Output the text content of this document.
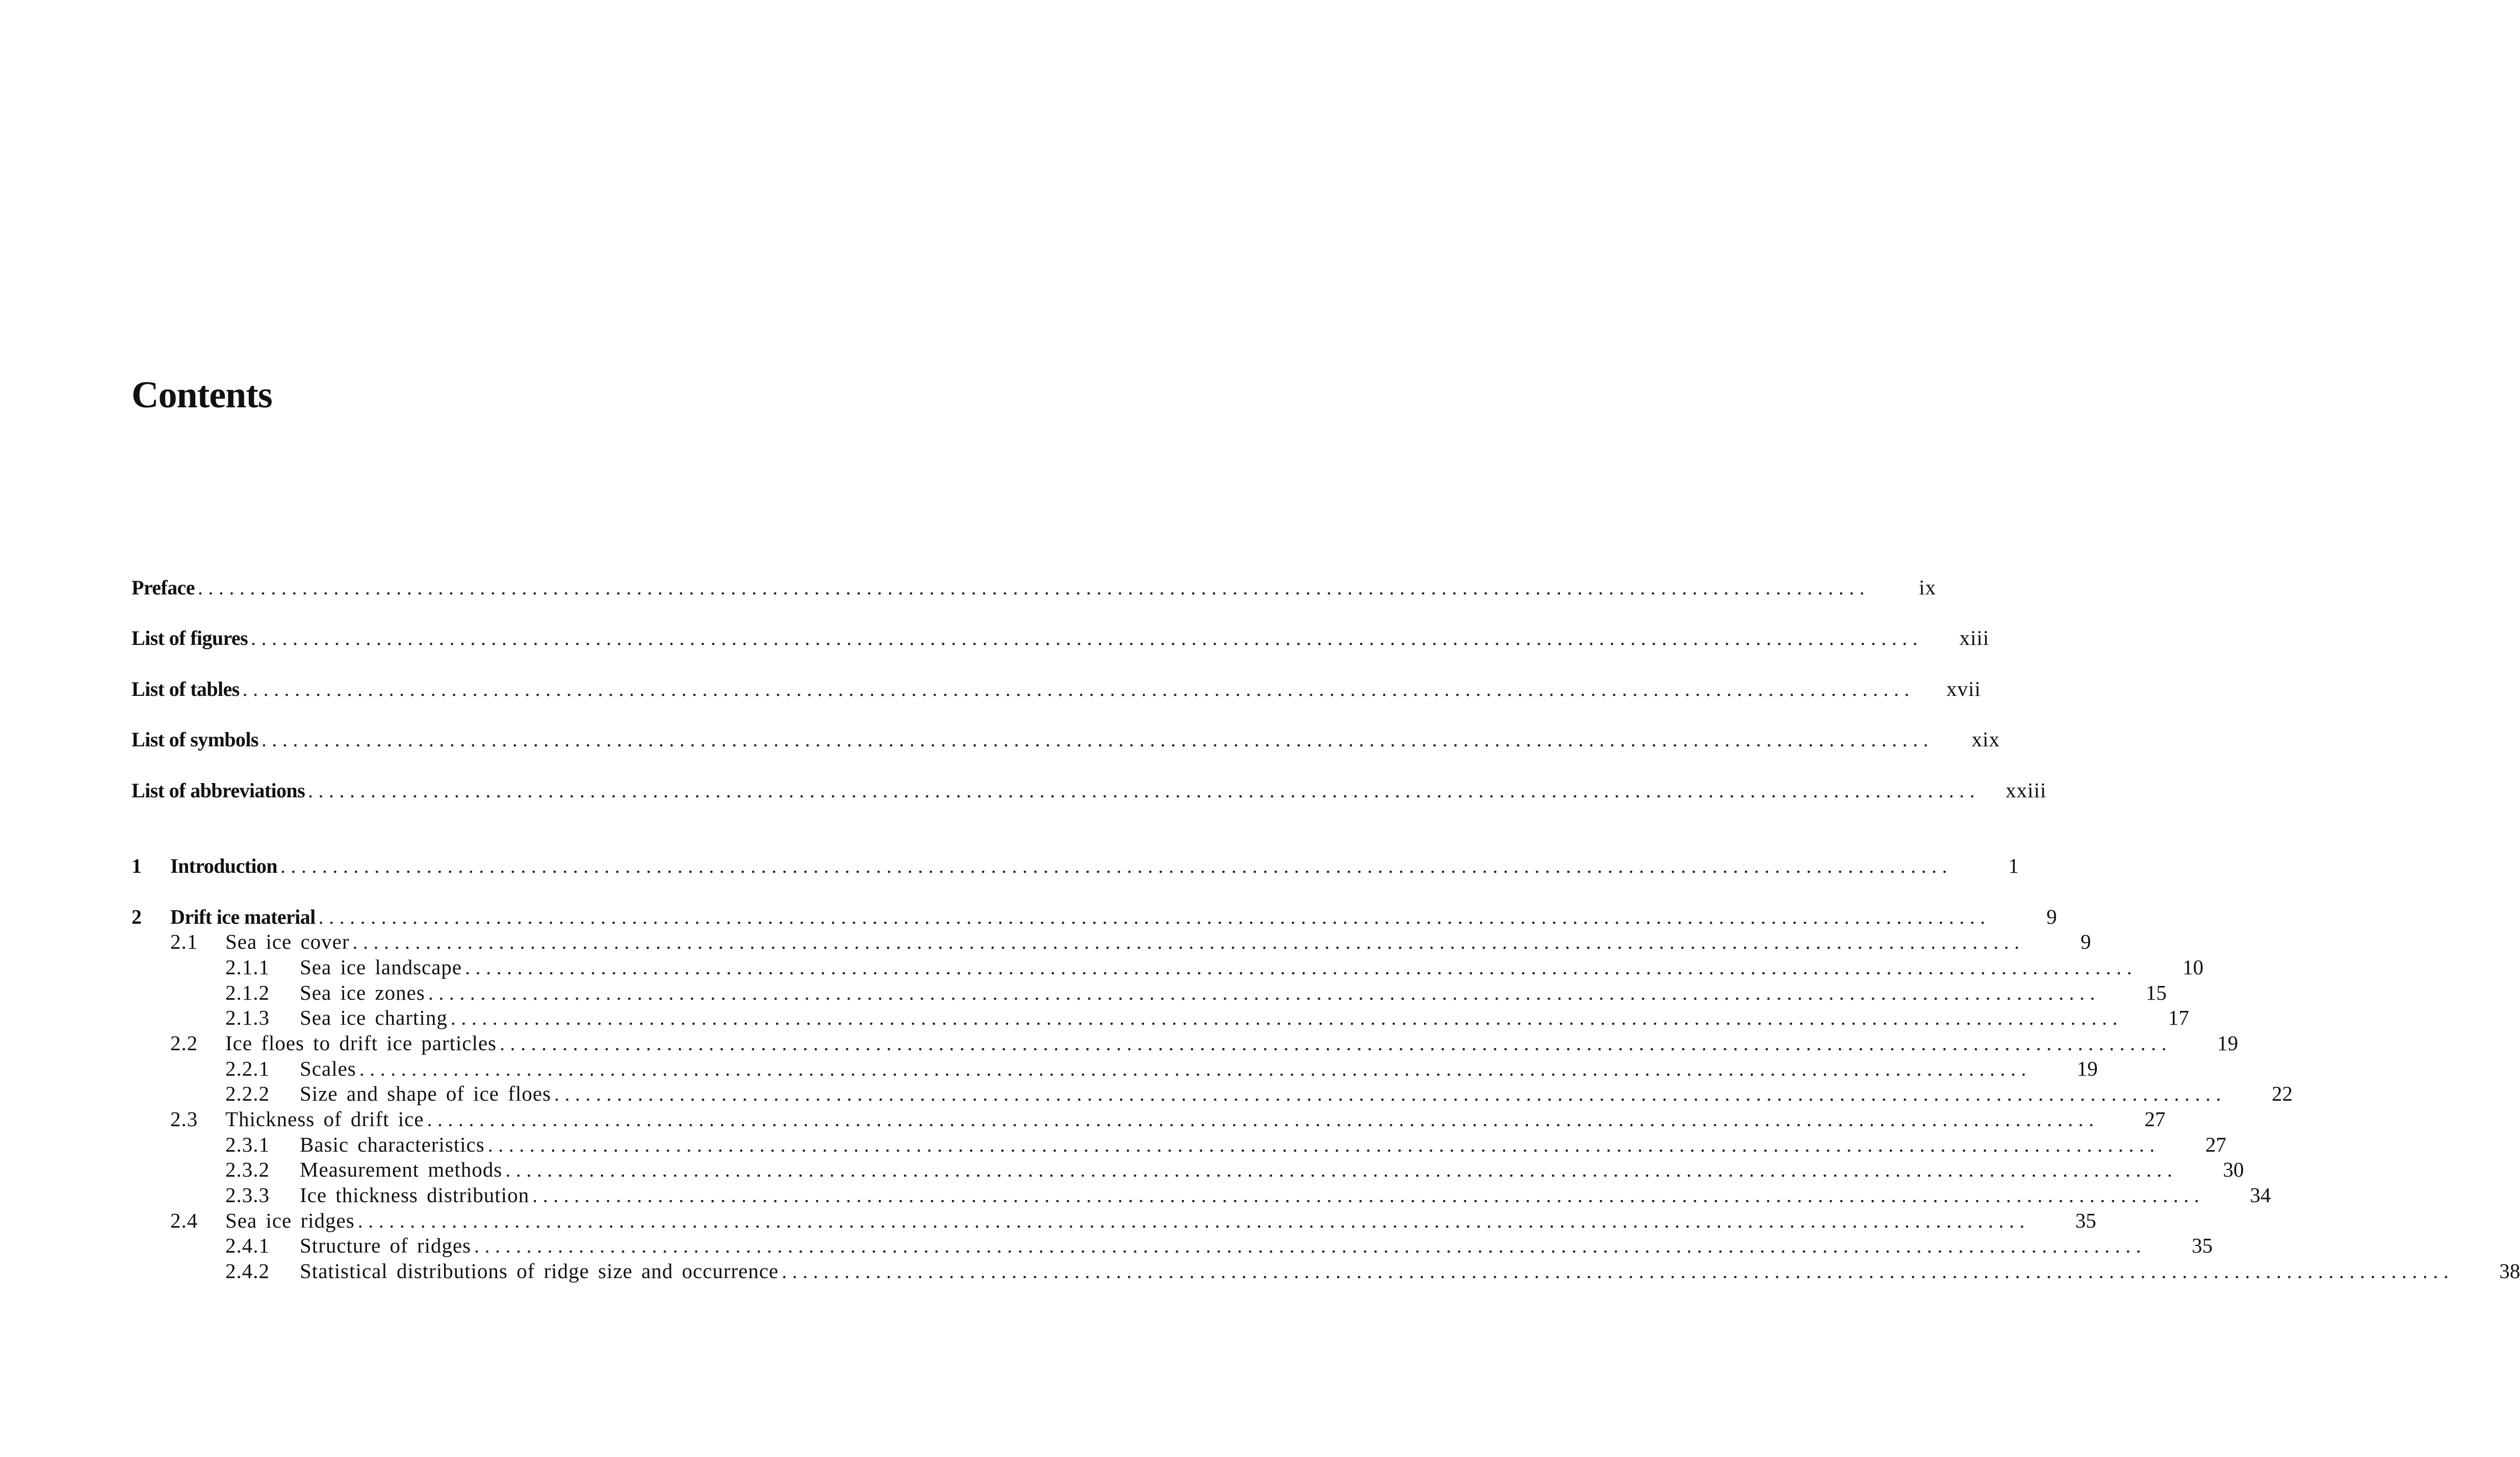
Contents
Preface ................................................................................................................................................................	ix
List of figures ................................................................................................................................................................	xiii
List of tables ................................................................................................................................................................ xvii
List of symbols ................................................................................................................................................................	xix
List of abbreviations ................................................................................................................................................................ xxiii
1	Introduction ................................................................................................................................................................	1
2	Drift ice material ................................................................................................................................................................	9
2.1	Sea ice cover ................................................................................................................................................................	9
2.1.1	Sea ice landscape ................................................................................................................................................................	10
2.1.2	Sea ice zones ................................................................................................................................................................	15
2.1.3	Sea ice charting ................................................................................................................................................................	17
2.2	Ice floes to drift ice particles ................................................................................................................................................................	19
2.2.1	Scales ................................................................................................................................................................	19
2.2.2	Size and shape of ice floes ................................................................................................................................................................	22
2.3	Thickness of drift ice ................................................................................................................................................................	27
2.3.1	Basic characteristics ................................................................................................................................................................	27
2.3.2	Measurement methods ................................................................................................................................................................	30
2.3.3	Ice thickness distribution ................................................................................................................................................................	34
2.4	Sea ice ridges ................................................................................................................................................................	35
2.4.1	Structure of ridges ................................................................................................................................................................	35
2.4.2	Statistical distributions of ridge size and occurrence ................................................................................................................................................................	38
